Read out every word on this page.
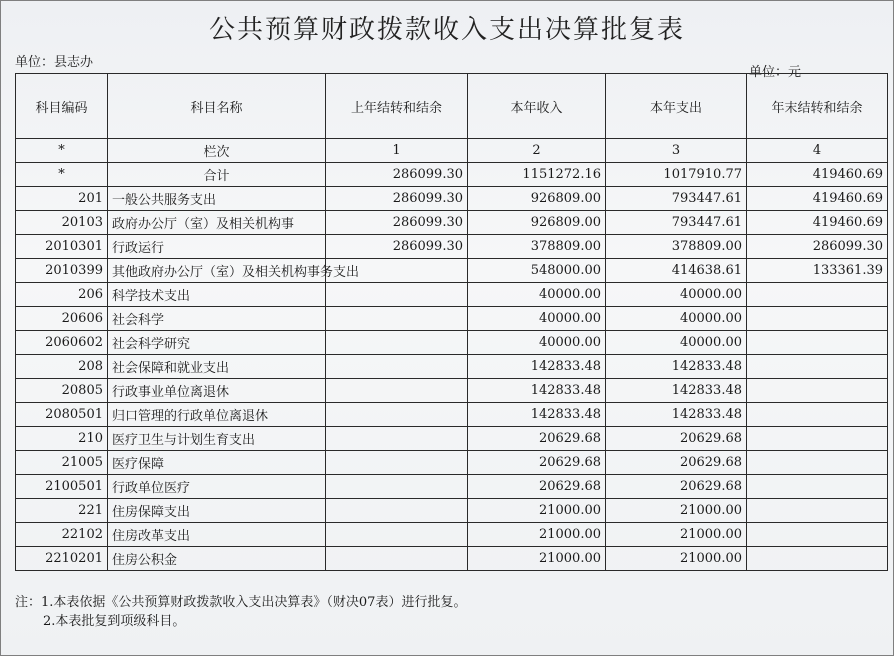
公共预算财政拨款收入支出决算批复表
单位：县志办
单位：元
科目编码	科目名称	上年结转和结余	本年收入	本年支出	年末结转和结余
*	栏次	1	2	3	4
*	合计	286099.30	1151272.16	1017910.77	419460.69
201	一般公共服务支出	286099.30	926809.00	793447.61	419460.69
20103	政府办公厅（室）及相关机构事	286099.30	926809.00	793447.61	419460.69
2010301	行政运行	286099.30	378809.00	378809.00	286099.30
2010399	其他政府办公厅（室）及相关机构事务支出		548000.00	414638.61	133361.39
206	科学技术支出		40000.00	40000.00	
20606	社会科学		40000.00	40000.00	
2060602	社会科学研究		40000.00	40000.00	
208	社会保障和就业支出		142833.48	142833.48	
20805	行政事业单位离退休		142833.48	142833.48	
2080501	归口管理的行政单位离退休		142833.48	142833.48	
210	医疗卫生与计划生育支出		20629.68	20629.68	
21005	医疗保障		20629.68	20629.68	
2100501	行政单位医疗		20629.68	20629.68	
221	住房保障支出		21000.00	21000.00	
22102	住房改革支出		21000.00	21000.00	
2210201	住房公积金		21000.00	21000.00	
注：1.本表依据《公共预算财政拨款收入支出决算表》（财决07表）进行批复。
2.本表批复到项级科目。
